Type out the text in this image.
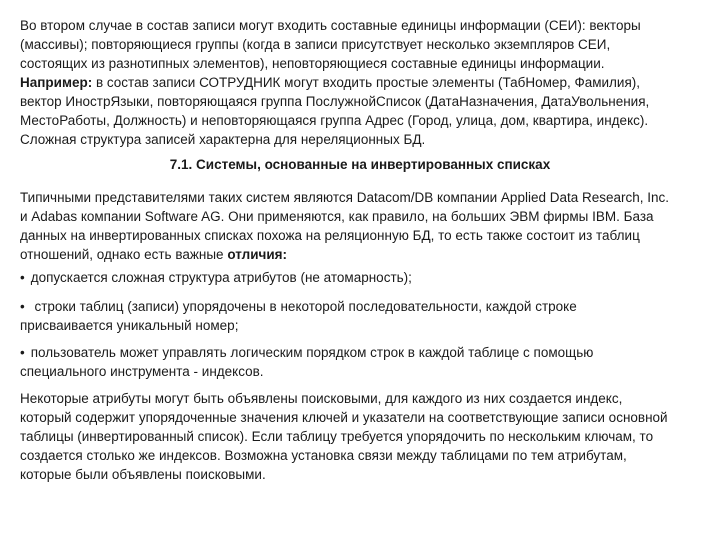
Во втором случае в состав записи могут входить составные единицы информации (СЕИ): векторы
(массивы); повторяющиеся группы (когда в записи присутствует несколько экземпляров СЕИ,
состоящих из разнотипных элементов), неповторяющиеся составные единицы информации.
Например: в состав записи СОТРУДНИК могут входить простые элементы (ТабНомер, Фамилия),
вектор ИнострЯзыки, повторяющаяся группа ПослужнойСписок (ДатаНазначения, ДатаУвольнения,
МестоРаботы, Должность) и неповторяющаяся группа Адрес (Город, улица, дом, квартира, индекс).
Сложная структура записей характерна для нереляционных БД.
7.1. Системы, основанные на инвертированных списках
Типичными представителями таких систем являются Datacom/DB компании Applied Data Research, Inc.
и Adabas компании Software AG. Они применяются, как правило, на больших ЭВМ фирмы IBM. База
данных на инвертированных списках похожа на реляционную БД, то есть также состоит из таблиц
отношений, однако есть важные отличия:
• допускается сложная структура атрибутов (не атомарность);
• строки таблиц (записи) упорядочены в некоторой последовательности, каждой строке
присваивается уникальный номер;
• пользователь может управлять логическим порядком строк в каждой таблице с помощью
специального инструмента - индексов.
Некоторые атрибуты могут быть объявлены поисковыми, для каждого из них создается индекс,
который содержит упорядоченные значения ключей и указатели на соответствующие записи основной
таблицы (инвертированный список). Если таблицу требуется упорядочить по нескольким ключам, то
создается столько же индексов. Возможна установка связи между таблицами по тем атрибутам,
которые были объявлены поисковыми.
